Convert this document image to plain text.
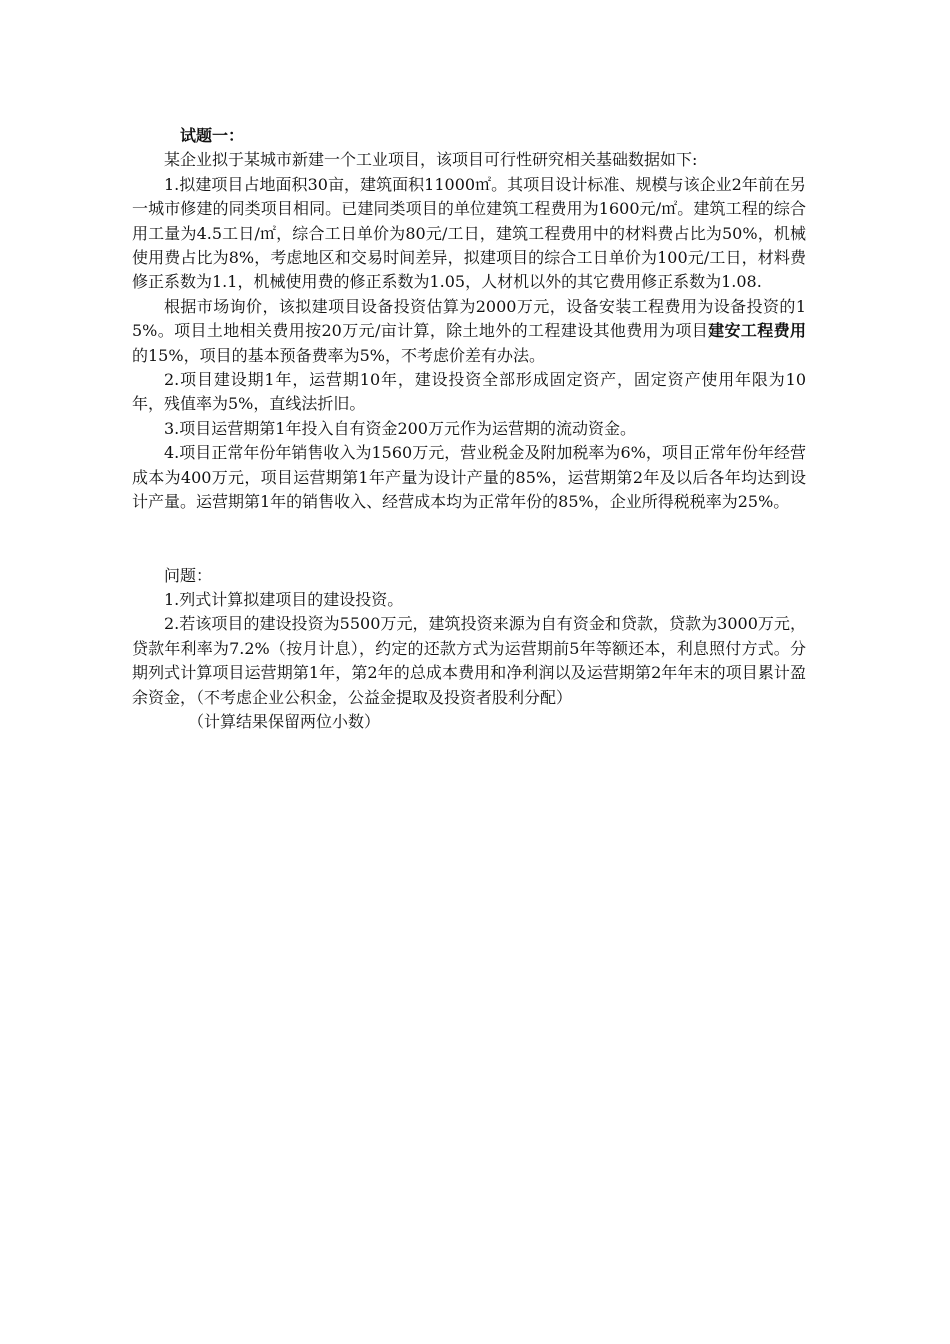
试题一：

某企业拟于某城市新建一个工业项目，该项目可行性研究相关基础数据如下:

1.拟建项目占地面积30亩，建筑面积11000㎡。其项目设计标准、规模与该企业2年前在另一城市修建的同类项目相同。已建同类项目的单位建筑工程费用为1600元/㎡。建筑工程的综合用工量为4.5工日/㎡，综合工日单价为80元/工日，建筑工程费用中的材料费占比为50%，机械使用费占比为8%，考虑地区和交易时间差异，拟建项目的综合工日单价为100元/工日，材料费修正系数为1.1，机械使用费的修正系数为1.05，人材机以外的其它费用修正系数为1.08.

根据市场询价，该拟建项目设备投资估算为2000万元，设备安装工程费用为设备投资的15%。项目土地相关费用按20万元/亩计算，除土地外的工程建设其他费用为项目建安工程费用的15%，项目的基本预备费率为5%，不考虑价差有办法。

2.项目建设期1年，运营期10年，建设投资全部形成固定资产，固定资产使用年限为10年，残值率为5%，直线法折旧。

3.项目运营期第1年投入自有资金200万元作为运营期的流动资金。

4.项目正常年份年销售收入为1560万元，营业税金及附加税率为6%，项目正常年份年经营成本为400万元，项目运营期第1年产量为设计产量的85%，运营期第2年及以后各年均达到设计产量。运营期第1年的销售收入、经营成本均为正常年份的85%，企业所得税税率为25%。

问题：

1.列式计算拟建项目的建设投资。

2.若该项目的建设投资为5500万元，建筑投资来源为自有资金和贷款，贷款为3000万元，贷款年利率为7.2%（按月计息），约定的还款方式为运营期前5年等额还本，利息照付方式。分期列式计算项目运营期第1年，第2年的总成本费用和净利润以及运营期第2年年末的项目累计盈余资金，（不考虑企业公积金，公益金提取及投资者股利分配）

（计算结果保留两位小数）
